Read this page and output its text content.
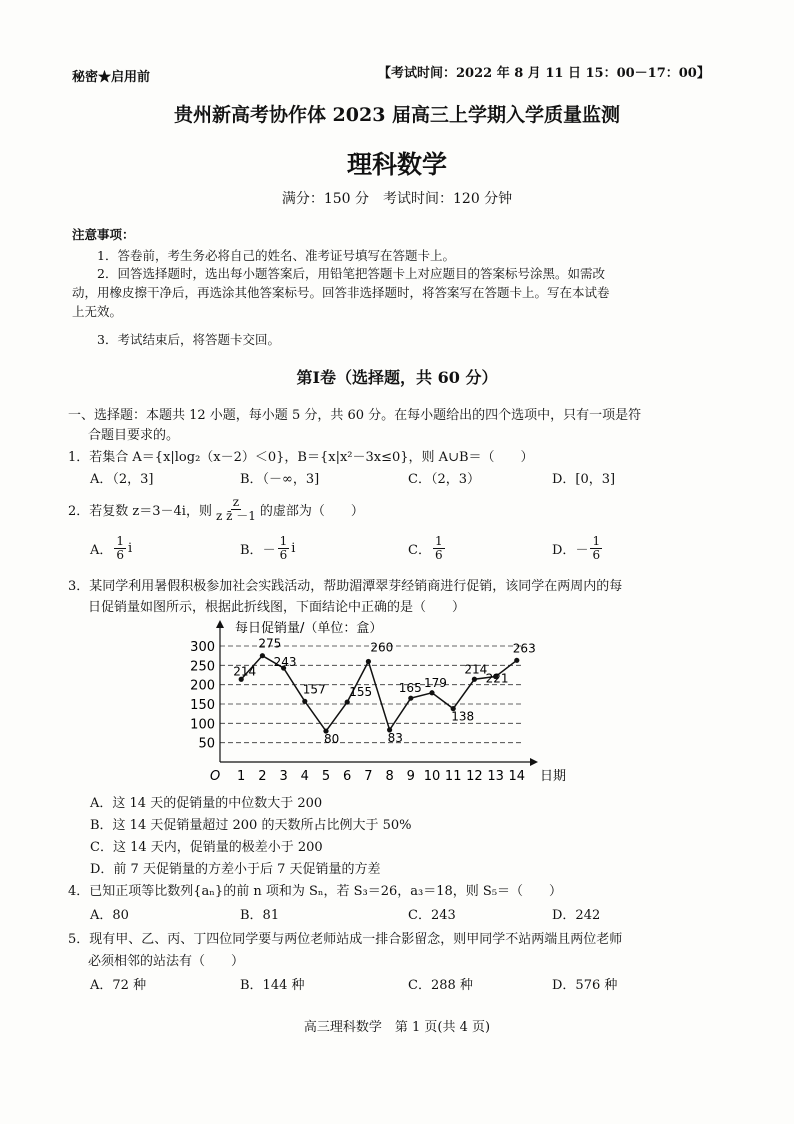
秘密★启用前	【考试时间：2022 年 8 月 11 日 15：00－17：00】
贵州新高考协作体 2023 届高三上学期入学质量监测
理科数学
满分：150 分　考试时间：120 分钟
注意事项：
1．答卷前，考生务必将自己的姓名、准考证号填写在答题卡上。
2．回答选择题时，选出每小题答案后，用铅笔把答题卡上对应题目的答案标号涂黑。如需改
动，用橡皮擦干净后，再选涂其他答案标号。回答非选择题时，将答案写在答题卡上。写在本试卷
上无效。
3．考试结束后，将答题卡交回。
第Ⅰ卷（选择题，共 60 分）
一、选择题：本题共 12 小题，每小题 5 分，共 60 分。在每小题给出的四个选项中，只有一项是符
合题目要求的。
1．若集合 A＝{x|log₂（x－2）＜0}，B＝{x|x²－3x≤0}，则 A∪B＝（　　）
A．（2，3]	B．（－∞，3]	C．（2，3）	D．[0，3]
2．若复数 z＝3－4i，则 $\frac{z}{\text{z z̄ －1}}$ 的虚部为（　　）
A． $\frac{1}{6}$ i	B． － $\frac{1}{6}$ i	C． $\frac{1}{6}$	D． － $\frac{1}{6}$
3．某同学利用暑假积极参加社会实践活动，帮助湄潭翠芽经销商进行促销，该同学在两周内的每
日促销量如图所示，根据此折线图，下面结论中正确的是（　　）
每日促销量/（单位：盒）
50
100
150
200
250
300
1 2 3 4 5 6 7 8 9 10 11 12 13 14
214
275
243
157
80
155
260
83
165 179
138
214
221
263
O	日期
A．这 14 天的促销量的中位数大于 200
B．这 14 天促销量超过 200 的天数所占比例大于 50%
C．这 14 天内，促销量的极差小于 200
D．前 7 天促销量的方差小于后 7 天促销量的方差
4．已知正项等比数列{aₙ}的前 n 项和为 Sₙ，若 S₃＝26，a₃＝18，则 S₅＝（　　）
A．80	B．81	C．243	D．242
5．现有甲、乙、丙、丁四位同学要与两位老师站成一排合影留念，则甲同学不站两端且两位老师
必须相邻的站法有（　　）
A．72 种	B．144 种	C．288 种	D．576 种
高三理科数学　第 1 页(共 4 页)
